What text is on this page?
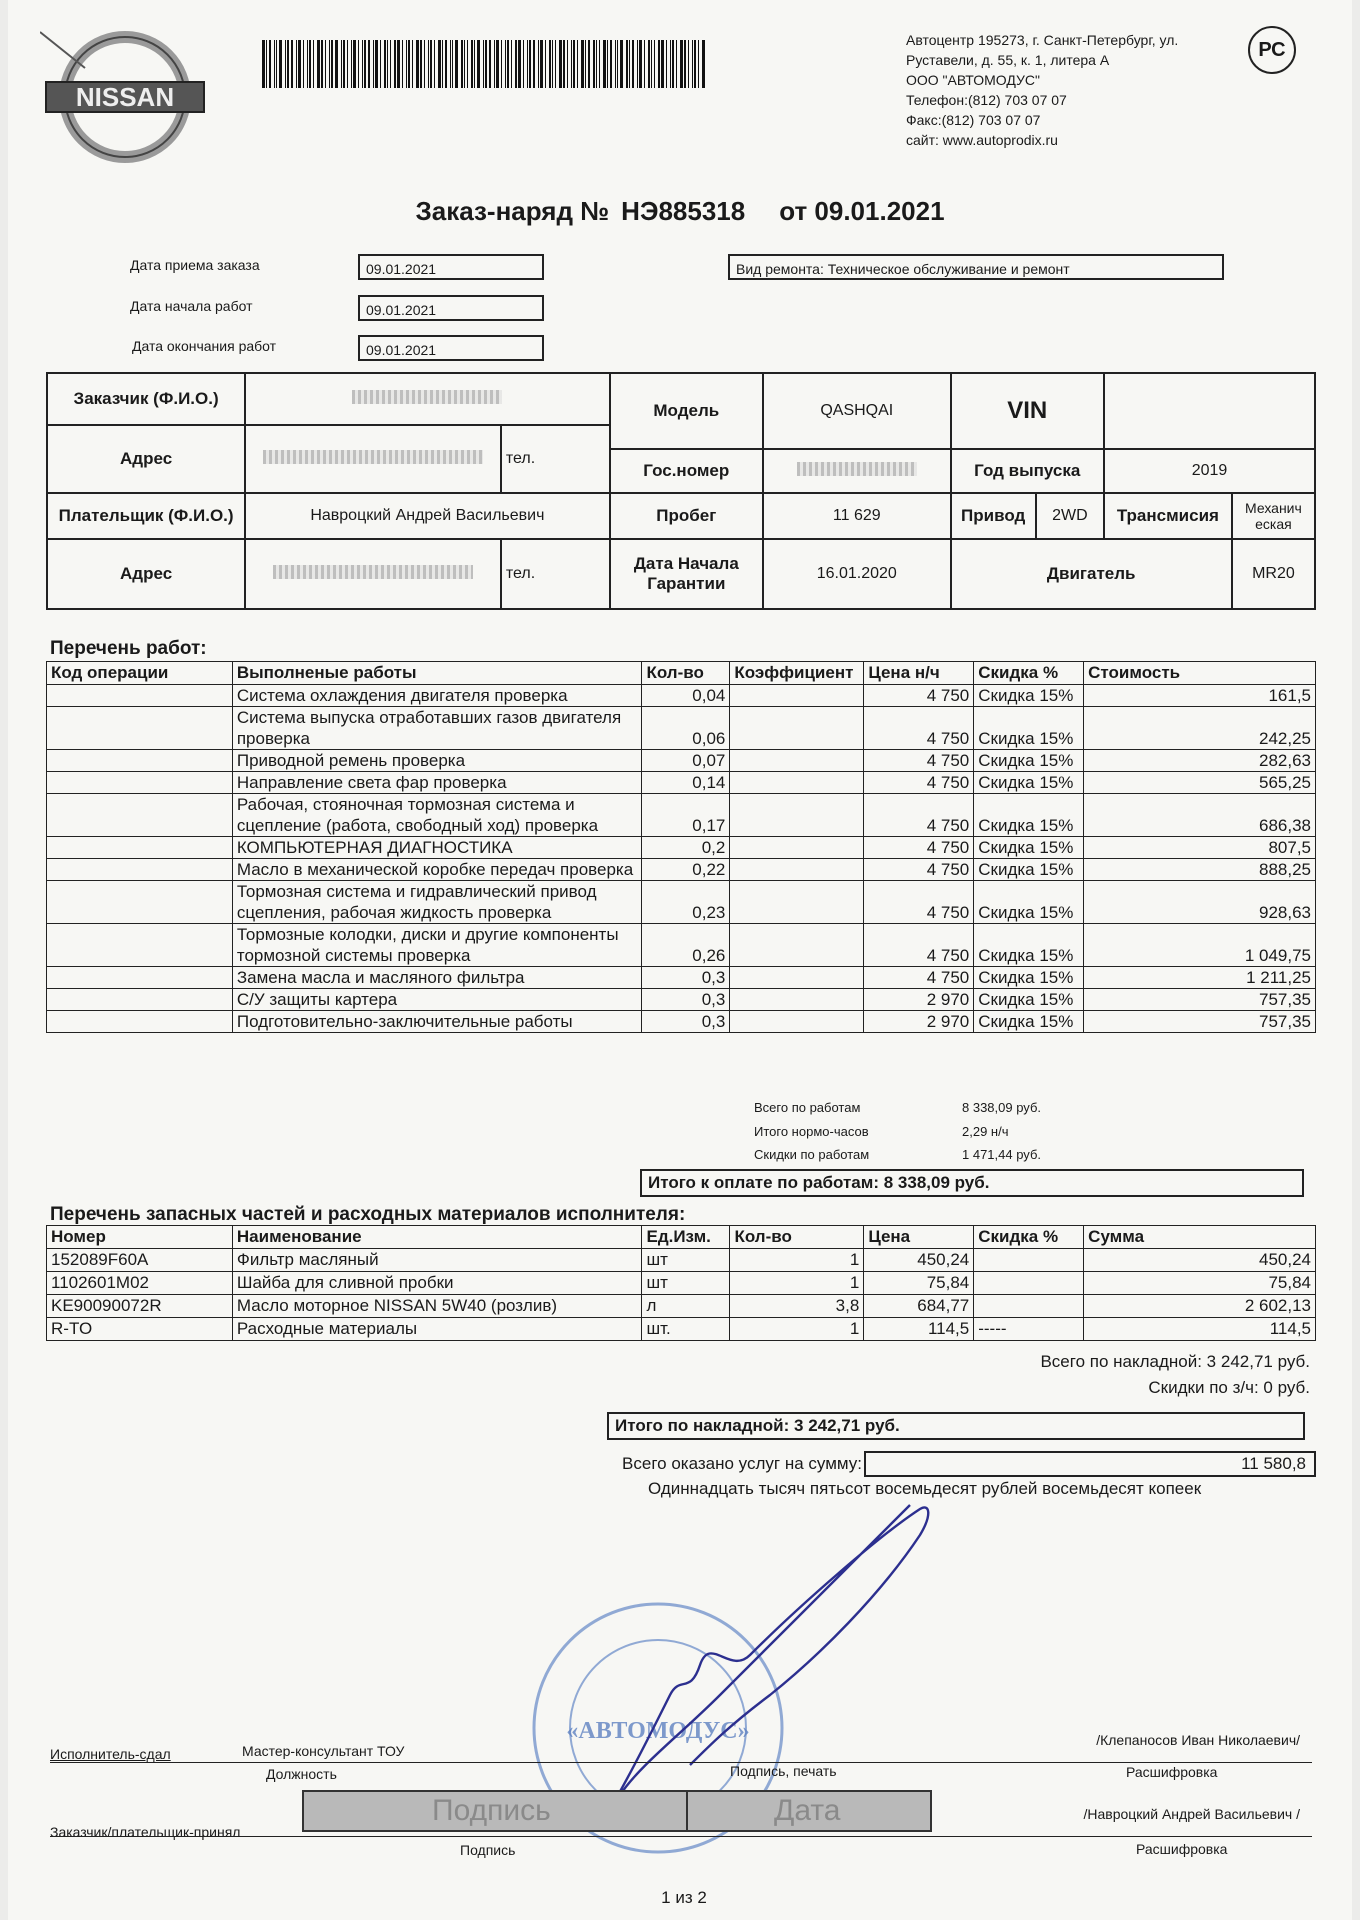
NISSAN
Автоцентр 195273, г. Санкт-Петербург, ул.
Руставели, д. 55, к. 1, литера А
ООО "АВТОМОДУС"
Телефон:(812) 703 07 07
Факс:(812) 703 07 07
сайт: www.autoprodix.ru
РС
Заказ-наряд № НЭ885318 от 09.01.2021
Дата приема заказа	09.01.2021
Дата начала работ	09.01.2021
Дата окончания работ	09.01.2021
Вид ремонта: Техническое обслуживание и ремонт
Заказчик (Ф.И.О.)			Модель	QASHQAI	VIN			
Адрес		тел.						
			Гос.номер		Год выпуска		2019	
Плательщик (Ф.И.О.)	Навроцкий Андрей Васильевич		Пробег	11 629	Привод	2WD	Трансмисия	Механич еская
Адрес		тел.	Дата Начала Гарантии	16.01.2020	Двигатель			MR20
Перечень работ:
Код операции	Выполненые работы	Кол-во	Коэффициент	Цена н/ч	Скидка %	Стоимость
	Система охлаждения двигателя проверка	0,04		4 750	Скидка 15%	161,5
	Система выпуска отработавших газов двигателя проверка	0,06		4 750	Скидка 15%	242,25
	Приводной ремень проверка	0,07		4 750	Скидка 15%	282,63
	Направление света фар проверка	0,14		4 750	Скидка 15%	565,25
	Рабочая, стояночная тормозная система и сцепление (работа, свободный ход) проверка	0,17		4 750	Скидка 15%	686,38
	КОМПЬЮТЕРНАЯ ДИАГНОСТИКА	0,2		4 750	Скидка 15%	807,5
	Масло в механической коробке передач проверка	0,22		4 750	Скидка 15%	888,25
	Тормозная система и гидравлический привод сцепления, рабочая жидкость проверка	0,23		4 750	Скидка 15%	928,63
	Тормозные колодки, диски и другие компоненты тормозной системы проверка	0,26		4 750	Скидка 15%	1 049,75
	Замена масла и масляного фильтра	0,3		4 750	Скидка 15%	1 211,25
	С/У защиты картера	0,3		2 970	Скидка 15%	757,35
	Подготовительно-заключительные работы	0,3		2 970	Скидка 15%	757,35
Всего по работам	8 338,09 руб.
Итого нормо-часов	2,29 н/ч
Скидки по работам	1 471,44 руб.
Итого к оплате по работам: 8 338,09 руб.
Перечень запасных частей и расходных материалов исполнителя:
Номер	Наименование	Ед.Изм.	Кол-во	Цена	Скидка %	Сумма
152089F60A	Фильтр масляный	шт	1	450,24		450,24
1102601M02	Шайба для сливной пробки	шт	1	75,84		75,84
KE90090072R	Масло моторное NISSAN 5W40 (розлив)	л	3,8	684,77		2 602,13
R-TO	Расходные материалы	шт.	1	114,5	-----	114,5
Всего по накладной: 3 242,71 руб.
Скидки по з/ч: 0 руб.
Итого по накладной: 3 242,71 руб.
Всего оказано услуг на сумму:	11 580,8
Одиннадцать тысяч пятьсот восемьдесят рублей восемьдесят копеек
«АВТОМОДУС»
Исполнитель-сдал	Мастер-консультант ТОУ
/Клепаносов Иван Николаевич/
Должность	Подпись, печать	Расшифровка
Подпись	Дата
Заказчик/плательщик-принял
/Навроцкий Андрей Васильевич /
Подпись	Расшифровка
1 из 2
